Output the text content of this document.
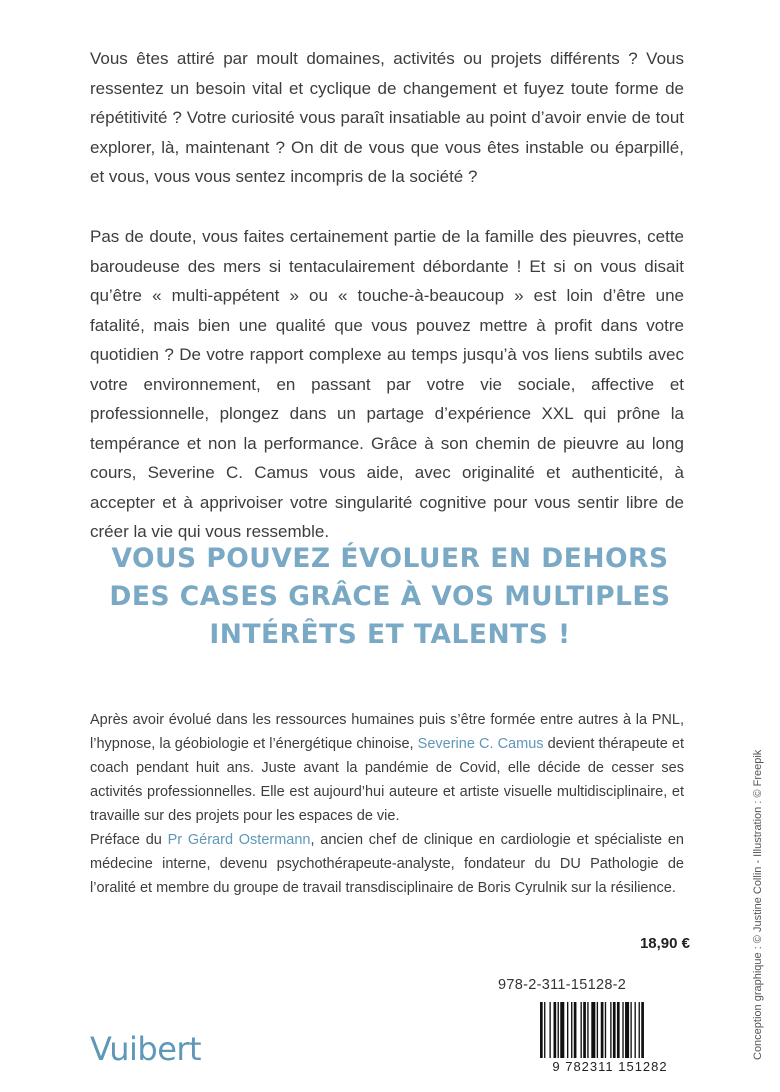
Vous êtes attiré par moult domaines, activités ou projets différents ? Vous ressentez un besoin vital et cyclique de changement et fuyez toute forme de répétitivité ? Votre curiosité vous paraît insatiable au point d’avoir envie de tout explorer, là, maintenant ? On dit de vous que vous êtes instable ou éparpillé, et vous, vous vous sentez incompris de la société ?

Pas de doute, vous faites certainement partie de la famille des pieuvres, cette baroudeuse des mers si tentaculairement débordante ! Et si on vous disait qu’être « multi-appétent » ou « touche-à-beaucoup » est loin d’être une fatalité, mais bien une qualité que vous pouvez mettre à profit dans votre quotidien ? De votre rapport complexe au temps jusqu’à vos liens subtils avec votre environnement, en passant par votre vie sociale, affective et professionnelle, plongez dans un partage d’expérience XXL qui prône la tempérance et non la performance. Grâce à son chemin de pieuvre au long cours, Severine C. Camus vous aide, avec originalité et authenticité, à accepter et à apprivoiser votre singularité cognitive pour vous sentir libre de créer la vie qui vous ressemble.

VOUS POUVEZ ÉVOLUER EN DEHORS
DES CASES GRÂCE À VOS MULTIPLES
INTÉRÊTS ET TALENTS !

Après avoir évolué dans les ressources humaines puis s’être formée entre autres à la PNL, l’hypnose, la géobiologie et l’énergétique chinoise, Severine C. Camus devient thérapeute et coach pendant huit ans. Juste avant la pandémie de Covid, elle décide de cesser ses activités professionnelles. Elle est aujourd’hui auteure et artiste visuelle multidisciplinaire, et travaille sur des projets pour les espaces de vie.

Préface du Pr Gérard Ostermann, ancien chef de clinique en cardiologie et spécialiste en médecine interne, devenu psychothérapeute-analyste, fondateur du DU Pathologie de l’oralité et membre du groupe de travail transdisciplinaire de Boris Cyrulnik sur la résilience.

18,90 €
978-2-311-15128-2
9 782311 151282
Vuibert	Conception graphique : © Justine Collin - Illustration : © Freepik
